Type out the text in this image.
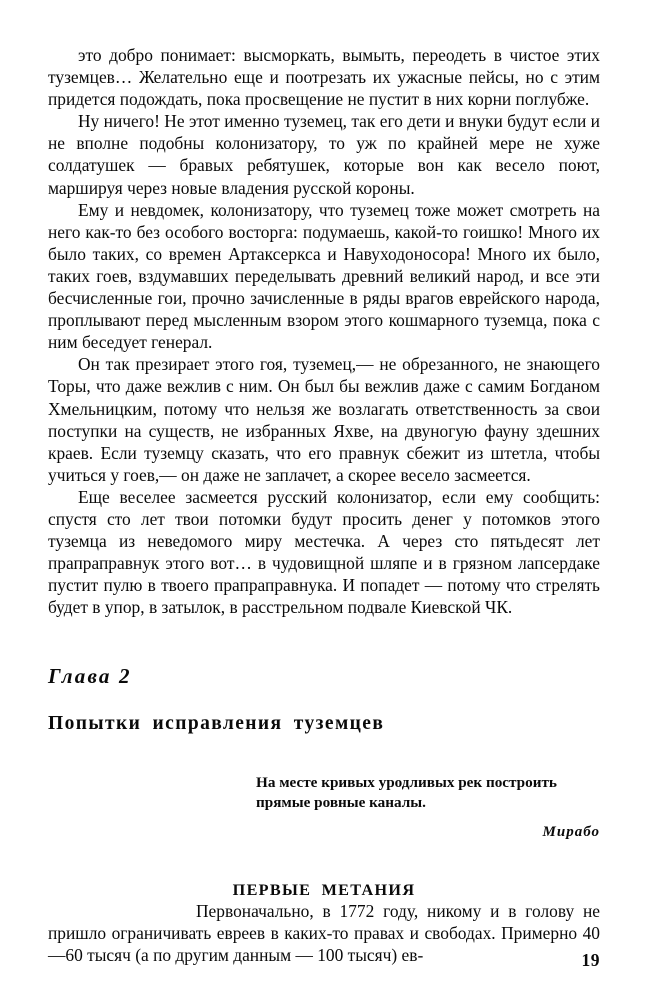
это добро понимает: высморкать, вымыть, переодеть в чистое этих туземцев… Желательно еще и поотрезать их ужасные пейсы, но с этим придется подождать, пока просвещение не пустит в них корни поглубже.

Ну ничего! Не этот именно туземец, так его дети и внуки будут если и не вполне подобны колонизатору, то уж по крайней мере не хуже солдатушек — бравых ребятушек, которые вон как весело поют, маршируя через новые владения русской короны.

Ему и невдомек, колонизатору, что туземец тоже может смотреть на него как-то без особого восторга: подумаешь, какой-то гоишко! Много их было таких, со времен Артаксеркса и Навуходоносора! Много их было, таких гоев, вздумавших переделывать древний великий народ, и все эти бесчисленные гои, прочно зачисленные в ряды врагов еврейского народа, проплывают перед мысленным взором этого кошмарного туземца, пока с ним беседует генерал.

Он так презирает этого гоя, туземец,— не обрезанного, не знающего Торы, что даже вежлив с ним. Он был бы вежлив даже с самим Богданом Хмельницким, потому что нельзя же возлагать ответственность за свои поступки на существ, не избранных Яхве, на двуногую фауну здешних краев. Если туземцу сказать, что его правнук сбежит из штетла, чтобы учиться у гоев,— он даже не заплачет, а скорее весело засмеется.

Еще веселее засмеется русский колонизатор, если ему сообщить: спустя сто лет твои потомки будут просить денег у потомков этого туземца из неведомого миру местечка. А через сто пятьдесят лет прапраправнук этого вот… в чудовищной шляпе и в грязном лапсердаке пустит пулю в твоего прапраправнука. И попадет — потому что стрелять будет в упор, в затылок, в расстрельном подвале Киевской ЧК.

Глава 2
Попытки исправления туземцев
На месте кривых уродливых рек построить прямые ровные каналы.
Мирабо
ПЕРВЫЕ МЕТАНИЯ

Первоначально, в 1772 году, никому и в голову не пришло ограничивать евреев в каких-то правах и свободах. Примерно 40—60 тысяч (а по другим данным — 100 тысяч) ев-	19
